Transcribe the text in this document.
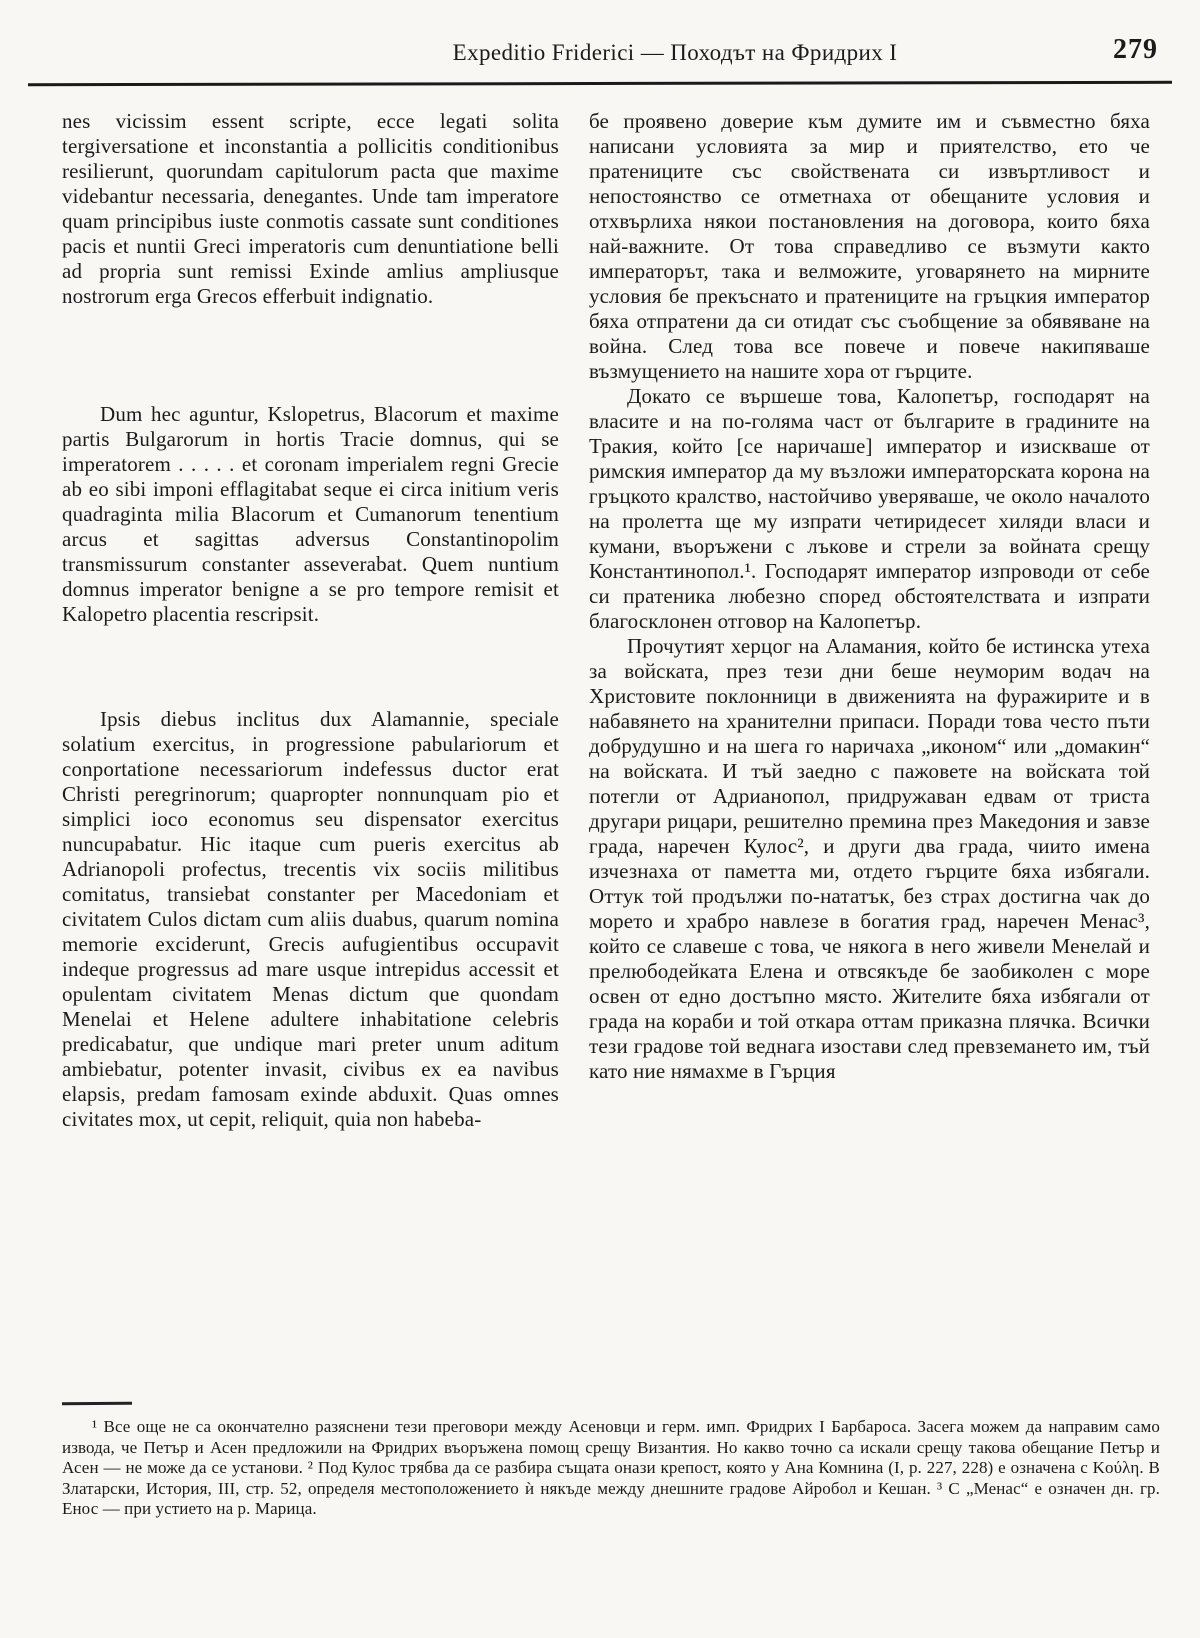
Expeditio Friderici — Походът на Фридрих I	279

nes vicissim essent scripte, ecce legati solita tergiversatione et inconstantia a pollicitis conditionibus resilierunt, quorundam capitulorum pacta que maxime videbantur necessaria, denegantes. Unde tam imperatore quam principibus iuste conmotis cassate sunt conditiones pacis et nuntii Greci imperatoris cum denuntiatione belli ad propria sunt remissi Exinde amlius ampliusque nostrorum erga Grecos efferbuit indignatio.

Dum hec aguntur, Kslopetrus, Blacorum et maxime partis Bulgarorum in hortis Tracie domnus, qui se imperatorem . . . . . et coronam imperialem regni Grecie ab eo sibi imponi efflagitabat seque ei circa initium veris quadraginta milia Blacorum et Cumanorum tenentium arcus et sagittas adversus Constantinopolim transmissurum constanter asseverabat. Quem nuntium domnus imperator benigne a se pro tempore remisit et Kalopetro placentia rescripsit.

Ipsis diebus inclitus dux Alamannie, speciale solatium exercitus, in progressione pabulariorum et conportatione necessariorum indefessus ductor erat Christi peregrinorum; quapropter nonnunquam pio et simplici ioco economus seu dispensator exercitus nuncupabatur. Hic itaque cum pueris exercitus ab Adrianopoli profectus, trecentis vix sociis militibus comitatus, transiebat constanter per Macedoniam et civitatem Culos dictam cum aliis duabus, quarum nomina memorie exciderunt, Grecis aufugientibus occupavit indeque progressus ad mare usque intrepidus accessit et opulentam civitatem Menas dictum que quondam Menelai et Helene adultere inhabitatione celebris predicabatur, que undique mari preter unum aditum ambiebatur, potenter invasit, civibus ex ea navibus elapsis, predam famosam exinde abduxit. Quas omnes civitates mox, ut cepit, reliquit, quia non habeba-

бе проявено доверие към думите им и съвместно бяха написани условията за мир и приятелство, ето че пратениците със свойствената си извъртливост и непостоянство се отметнаха от обещаните условия и отхвърлиха някои постановления на договора, които бяха най-важните. От това справедливо се възмути както императорът, така и велможите, уговарянето на мирните условия бе прекъснато и пратениците на гръцкия император бяха отпратени да си отидат със съобщение за обявяване на война. След това все повече и повече накипяваше възмущението на нашите хора от гърците.

Докато се вършеше това, Калопетър, господарят на власите и на по-голяма част от българите в градините на Тракия, който [се наричаше] император и изискваше от римския император да му възложи императорската корона на гръцкото кралство, настойчиво уверяваше, че около началото на пролетта ще му изпрати четиридесет хиляди власи и кумани, въоръжени с лъкове и стрели за войната срещу Константинопол.¹. Господарят император изпроводи от себе си пратеника любезно според обстоятелствата и изпрати благосклонен отговор на Калопетър.

Прочутият херцог на Аламания, който бе истинска утеха за войската, през тези дни беше неуморим водач на Христовите поклонници в движенията на фуражирите и в набавянето на хранителни припаси. Поради това често пъти добрудушно и на шега го наричаха „иконом“ или „домакин“ на войската. И тъй заедно с пажовете на войската той потегли от Адрианопол, придружаван едвам от триста другари рицари, решително премина през Македония и завзе града, наречен Кулос², и други два града, чиито имена изчезнаха от паметта ми, отдето гърците бяха избягали. Оттук той продължи по-нататък, без страх достигна чак до морето и храбро навлезе в богатия град, наречен Менас³, който се славеше с това, че някога в него живели Менелай и прелюбодейката Елена и отвсякъде бе заобиколен с море освен от едно достъпно място. Жителите бяха избягали от града на кораби и той откара оттам приказна плячка. Всички тези градове той веднага изостави след превземането им, тъй като ние нямахме в Гърция

¹ Все още не са окончателно разяснени тези преговори между Асеновци и герм. имп. Фридрих I Барбароса. Засега можем да направим само извода, че Петър и Асен предложили на Фридрих въоръжена помощ срещу Византия. Но какво точно са искали срещу такова обещание Петър и Асен — не може да се установи. ² Под Кулос трябва да се разбира същата онази крепост, която у Ана Комнина (I, p. 227, 228) е означена с Κούλη. В Златарски, История, III, стр. 52, определя местоположението ѝ някъде между днешните градове Айробол и Кешан. ³ С „Менас“ е означен дн. гр. Енос — при устието на р. Марица.
